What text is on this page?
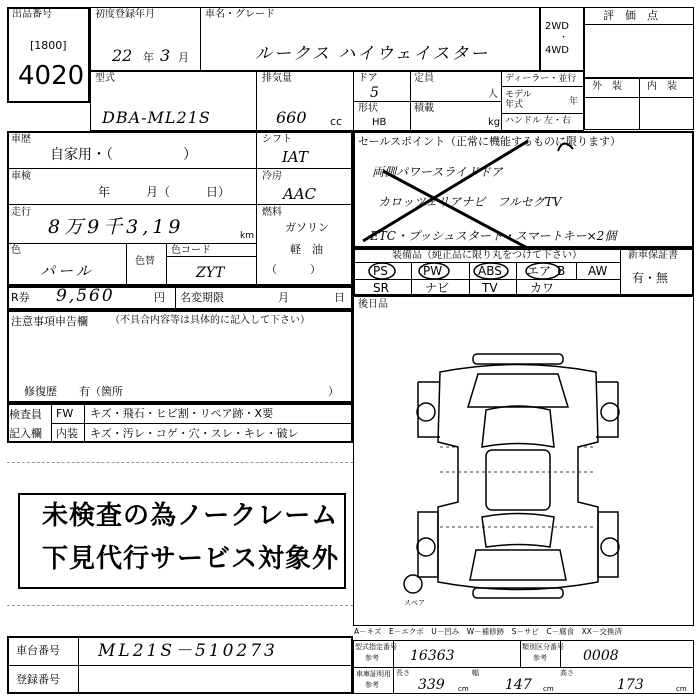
出品番号
[1800]
4020
初度登録年月
22 年 3 月
車名・グレード
ルークス ハイウェイスター
2WD
・
4WD
評　価　点
型式
DBA-ML21S
排気量
660 cc
ドア
5
定員
人
形状
HB
積載
kg
ディーラー・並行
モデル 年式	年
ハンドル 左・右
外　装	内　装
車歴
自家用・（　　　　　）
シフト
IAT
車検
年　　　月（　　　日）
冷房
AAC
走行
8万9千3,19	km
燃料
ガソリン
軽　油
（　　　）
色
パール
色替
色コード
ZYT
R券 9,560	円 名変期限	月	日
注意事項申告欄 （不具合内容等は具体的に記入して下さい）
修復歴　　有（箇所	）
検査員
記入欄
FW キズ・飛石・ヒビ割・リペア跡・X要
内装 キズ・汚レ・コゲ・穴・スレ・キレ・破レ
未検査の為ノークレーム
下見代行サービス対象外
セールスポイント（正常に機能するものに限ります）
両側パワースライドドア
カロッツェリアナビ　フルセグTV
ETC・プッシュスタート・スマートキー×2個
装備品（純正品に限り丸をつけて下さい）	新車保証書
有・無
PS	PW	ABS エア B AW
SR	ナビ	TV	カワ
後日品
スペア
A－キズ　E－エクボ　U－凹み　W－補修跡　S－サビ　C－腐食　XX－交換済
車台番号 ML21S－510273
登録番号
型式指定番号
参考 16363
類別区分番号
参考	0008
車庫証明用
参考
長さ
339 cm
幅
147 cm
高さ
173	cm
